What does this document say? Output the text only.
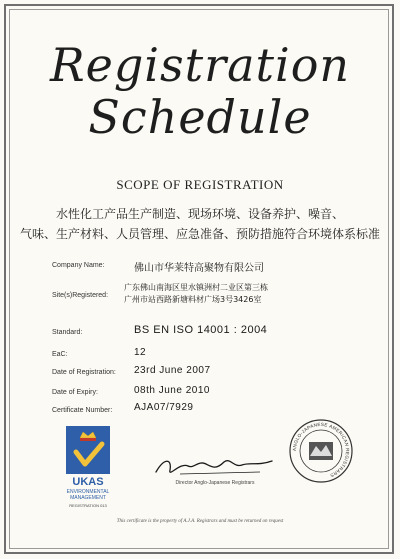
Registration
Schedule
SCOPE OF REGISTRATION
水性化工产品生产制造、现场环境、设备养护、噪音、
气味、生产材料、人员管理、应急准备、预防措施符合环境体系标准
Company Name:	佛山市华莱特高聚物有限公司
Site(s)Registered:
广东佛山南海区里水镇洲村二业区第三栋
广州市站西路新塘料材广场3号3426室
Standard:	BS EN ISO 14001 : 2004
EaC:	12
Date of Registration: 23rd June 2007
Date of Expiry:	08th June 2010
Certificate Number: AJA07/7929
UKAS
ENVIRONMENTAL MANAGEMENT
REGISTRATION 013
Director Anglo-Japanese Registrars
ANGLO-JAPANESE AMERICAN REGISTRARS
This certificate is the property of A.J.A. Registrars and must be returned on request
